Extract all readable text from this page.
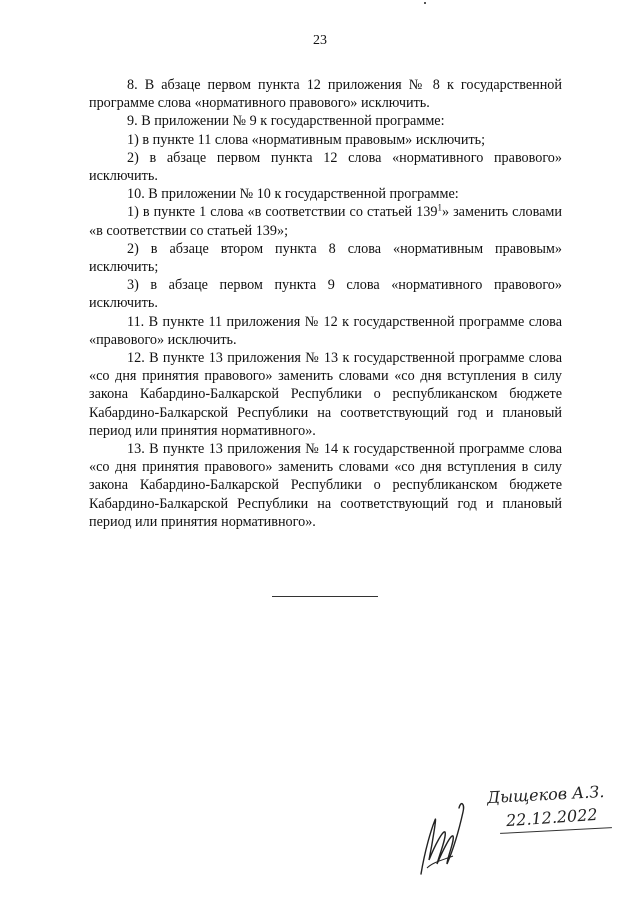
23

8. В абзаце первом пункта 12 приложения № 8 к государственной программе слова «нормативного правового» исключить.

9. В приложении № 9 к государственной программе:

1) в пункте 11 слова «нормативным правовым» исключить;

2) в абзаце первом пункта 12 слова «нормативного правового» исключить.

10. В приложении № 10 к государственной программе:

1) в пункте 1 слова «в соответствии со статьей $139^1$» заменить словами «в соответствии со статьей 139»;

2) в абзаце втором пункта 8 слова «нормативным правовым» исключить;

3) в абзаце первом пункта 9 слова «нормативного правового» исключить.

11. В пункте 11 приложения № 12 к государственной программе слова «правового» исключить.

12. В пункте 13 приложения № 13 к государственной программе слова «со дня принятия правового» заменить словами «со дня вступления в силу закона Кабардино-Балкарской Республики о республиканском бюджете Кабардино-Балкарской Республики на соответствующий год и плановый период или принятия нормативного».

13. В пункте 13 приложения № 14 к государственной программе слова «со дня принятия правового» заменить словами «со дня вступления в силу закона Кабардино-Балкарской Республики о республиканском бюджете Кабардино-Балкарской Республики на соответствующий год и плановый период или принятия нормативного».

Дыщеков А.З.
22.12.2022
